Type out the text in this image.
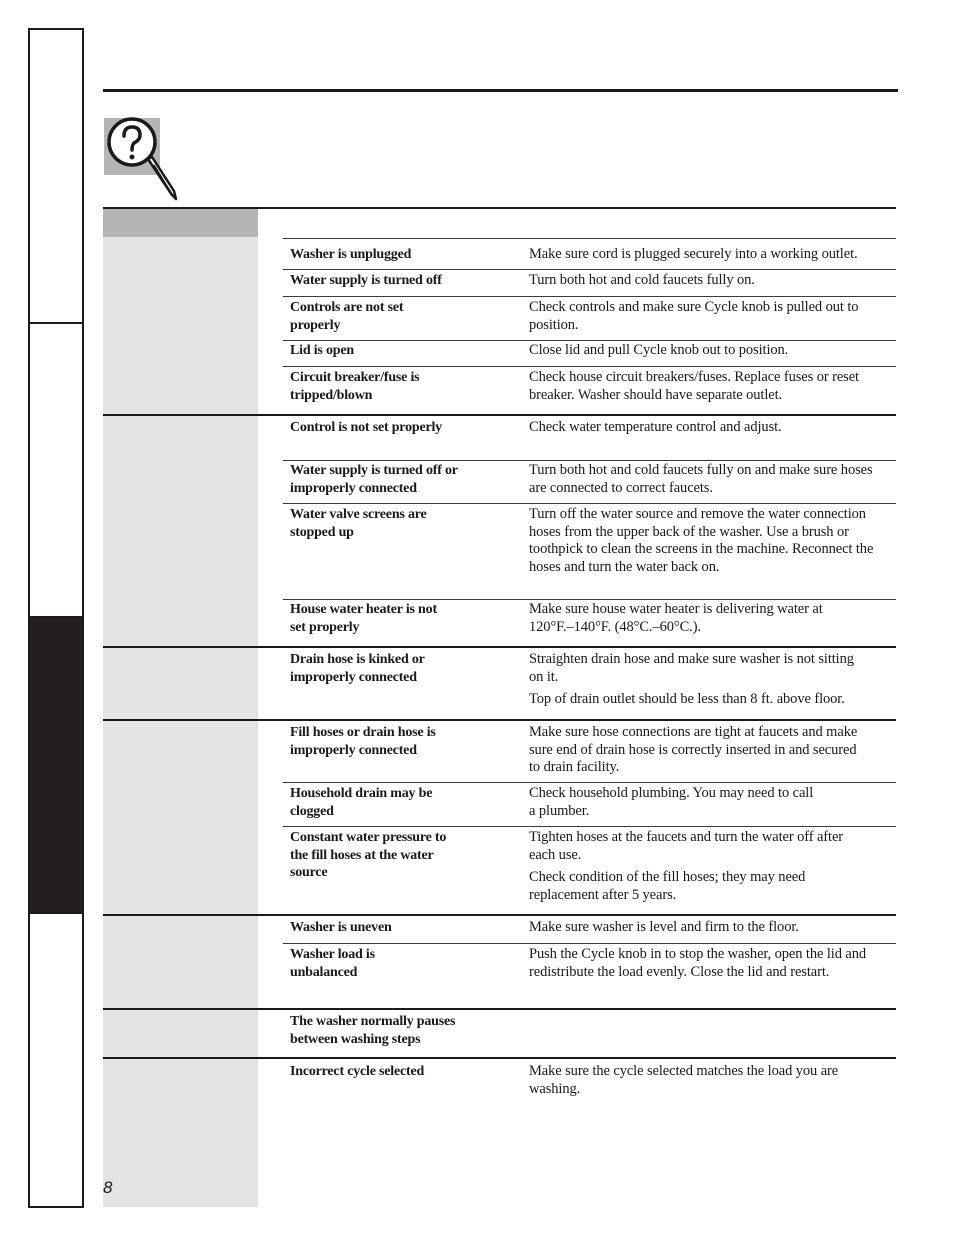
Washer is unplugged
Water supply is turned off
Controls are not set properly
Lid is open
Circuit breaker/fuse is tripped/blown
Control is not set properly
Water supply is turned off or improperly connected
Water valve screens are stopped up
House water heater is not set properly
Drain hose is kinked or improperly connected
Fill hoses or drain hose is improperly connected
Household drain may be clogged
Constant water pressure to the fill hoses at the water source
Washer is uneven
Washer load is unbalanced
The washer normally pauses between washing steps
Incorrect cycle selected

Make sure cord is plugged securely into a working outlet.

Turn both hot and cold faucets fully on.

Check controls and make sure Cycle knob is pulled out to position.

Close lid and pull Cycle knob out to position.

Check house circuit breakers/fuses. Replace fuses or reset breaker. Washer should have separate outlet.

Check water temperature control and adjust.

Turn both hot and cold faucets fully on and make sure hoses are connected to correct faucets.

Turn off the water source and remove the water connection hoses from the upper back of the washer. Use a brush or toothpick to clean the screens in the machine. Reconnect the hoses and turn the water back on.

Make sure house water heater is delivering water at 120°F.–140°F. (48°C.–60°C.).

Straighten drain hose and make sure washer is not sitting on it.

Top of drain outlet should be less than 8 ft. above floor.

Make sure hose connections are tight at faucets and make sure end of drain hose is correctly inserted in and secured to drain facility.

Check household plumbing. You may need to call a plumber.

Tighten hoses at the faucets and turn the water off after each use.

Check condition of the fill hoses; they may need replacement after 5 years.

Make sure washer is level and firm to the floor.

Push the Cycle knob in to stop the washer, open the lid and redistribute the load evenly. Close the lid and restart.

Make sure the cycle selected matches the load you are washing.

8
